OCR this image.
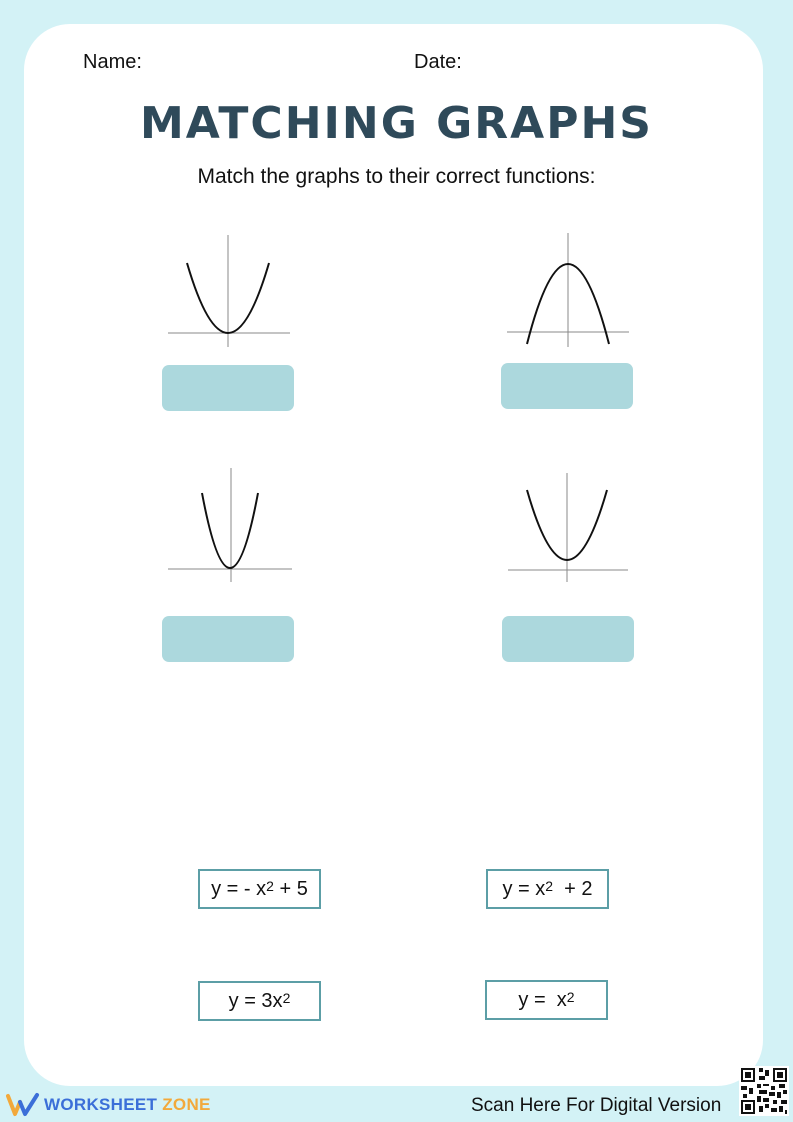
Name:	Date:
MATCHING GRAPHS
Match the graphs to their correct functions:
y = - $x^2 + 5$	$y = x^2 + 2$
$y = 3x^2$	$y = x^2$
WORKSHEET ZONE	Scan Here For Digital Version
